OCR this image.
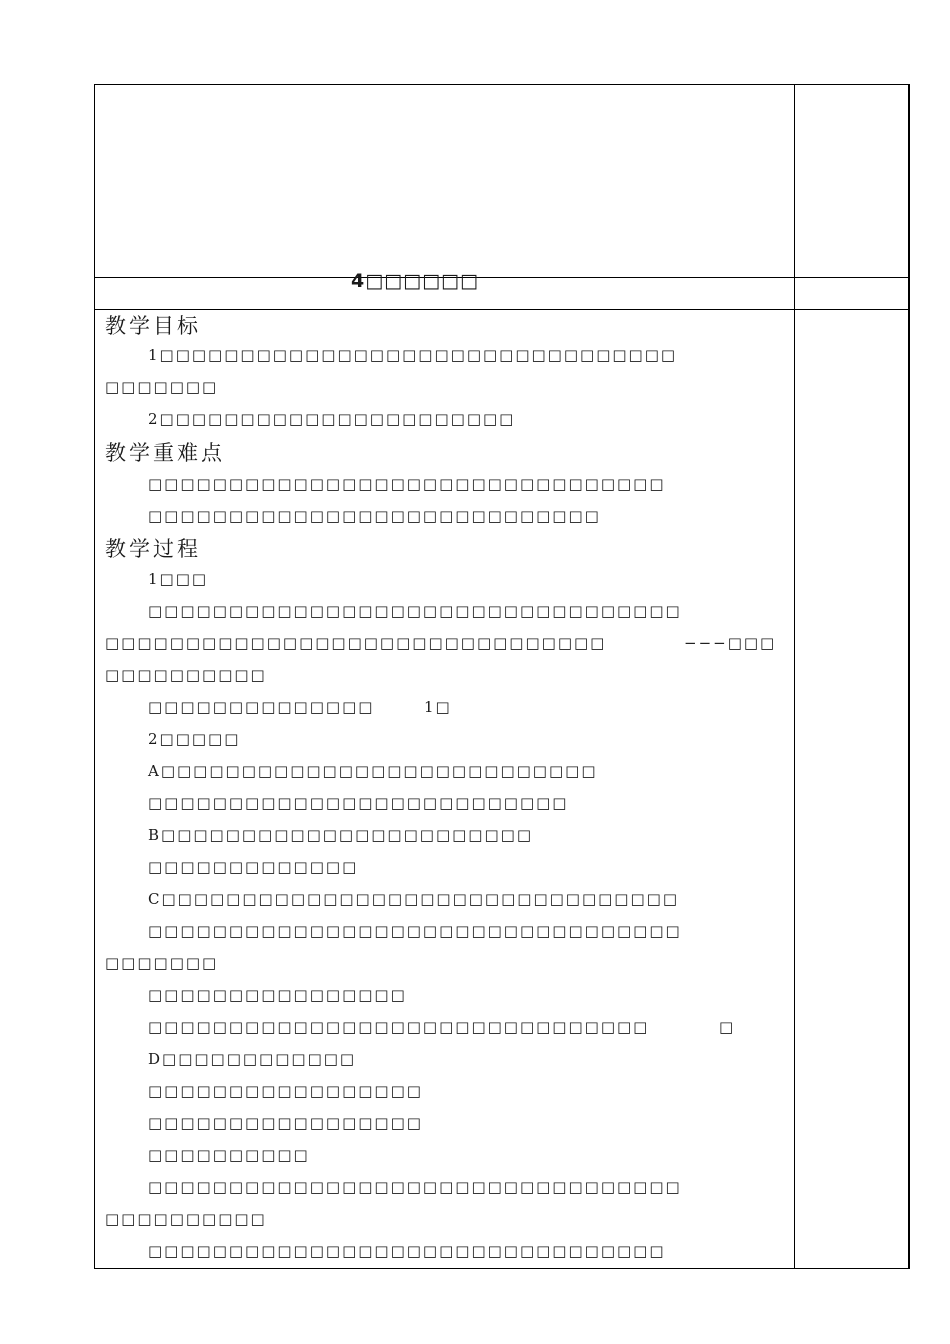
4□□□□□□
教学目标
1□□□□□□□□□□□□□□□□□□□□□□□□□□□□□□□□
□□□□□□□
2□□□□□□□□□□□□□□□□□□□□□□
教学重难点
□□□□□□□□□□□□□□□□□□□□□□□□□□□□□□□□
□□□□□□□□□□□□□□□□□□□□□□□□□□□□
教学过程
1□□□
□□□□□□□□□□□□□□□□□□□□□□□□□□□□□□□□□
□□□□□□□□□□□□□□□□□□□□□□□□□□□□□□□	−−−□□□
□□□□□□□□□□
□□□□□□□□□□□□□□	1□
2□□□□□
A□□□□□□□□□□□□□□□□□□□□□□□□□□□
□□□□□□□□□□□□□□□□□□□□□□□□□□
B□□□□□□□□□□□□□□□□□□□□□□□
□□□□□□□□□□□□□
C□□□□□□□□□□□□□□□□□□□□□□□□□□□□□□□□
□□□□□□□□□□□□□□□□□□□□□□□□□□□□□□□□□
□□□□□□□
□□□□□□□□□□□□□□□□
□□□□□□□□□□□□□□□□□□□□□□□□□□□□□□□	□
D□□□□□□□□□□□□
□□□□□□□□□□□□□□□□□
□□□□□□□□□□□□□□□□□
□□□□□□□□□□
□□□□□□□□□□□□□□□□□□□□□□□□□□□□□□□□□
□□□□□□□□□□
□□□□□□□□□□□□□□□□□□□□□□□□□□□□□□□□
